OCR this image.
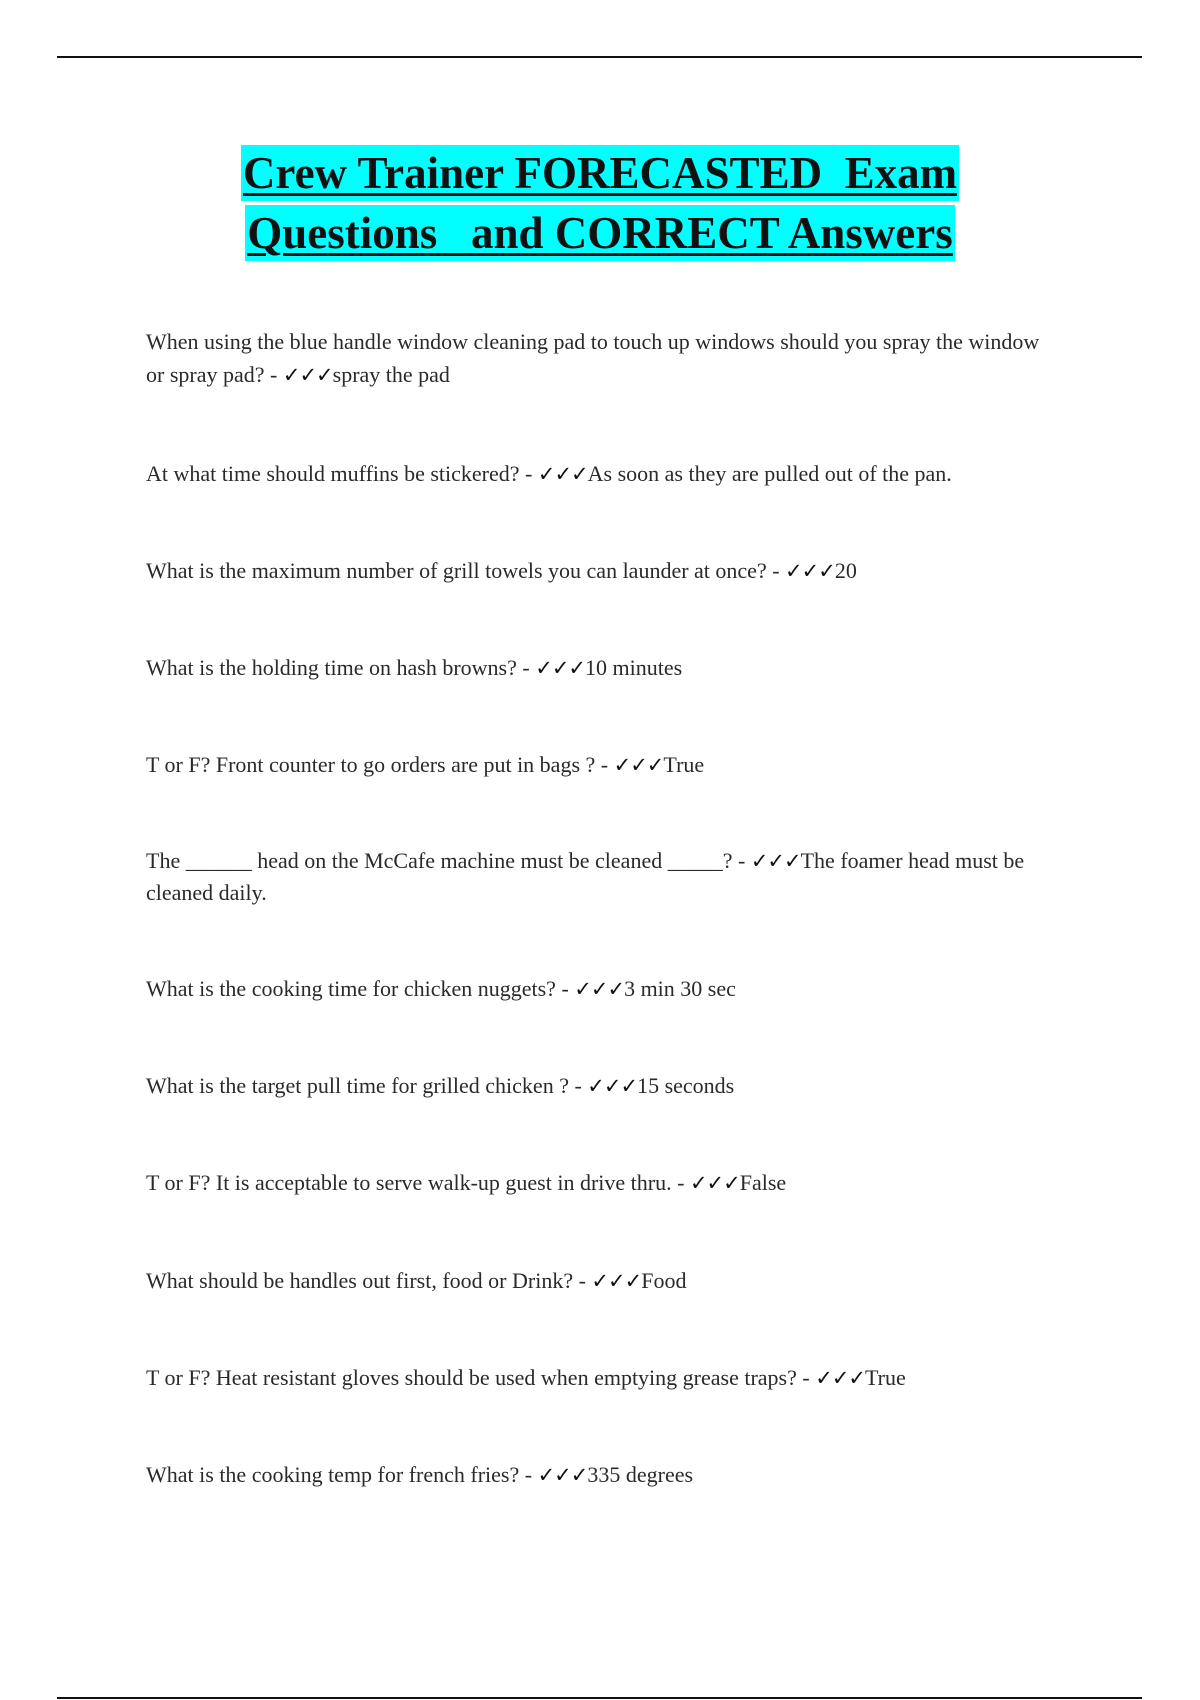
Crew Trainer FORECASTED  Exam
Questions   and CORRECT Answers
When using the blue handle window cleaning pad to touch up windows should you spray the window or spray pad? - ✓✓✓spray the pad
At what time should muffins be stickered? - ✓✓✓As soon as they are pulled out of the pan.
What is the maximum number of grill towels you can launder at once? - ✓✓✓20
What is the holding time on hash browns? - ✓✓✓10 minutes
T or F? Front counter to go orders are put in bags ? - ✓✓✓True
The ______ head on the McCafe machine must be cleaned _____? - ✓✓✓The foamer head must be cleaned daily.
What is the cooking time for chicken nuggets? - ✓✓✓3 min 30 sec
What is the target pull time for grilled chicken ? - ✓✓✓15 seconds
T or F? It is acceptable to serve walk-up guest in drive thru. - ✓✓✓False
What should be handles out first, food or Drink? - ✓✓✓Food
T or F? Heat resistant gloves should be used when emptying grease traps? - ✓✓✓True
What is the cooking temp for french fries? - ✓✓✓335 degrees
